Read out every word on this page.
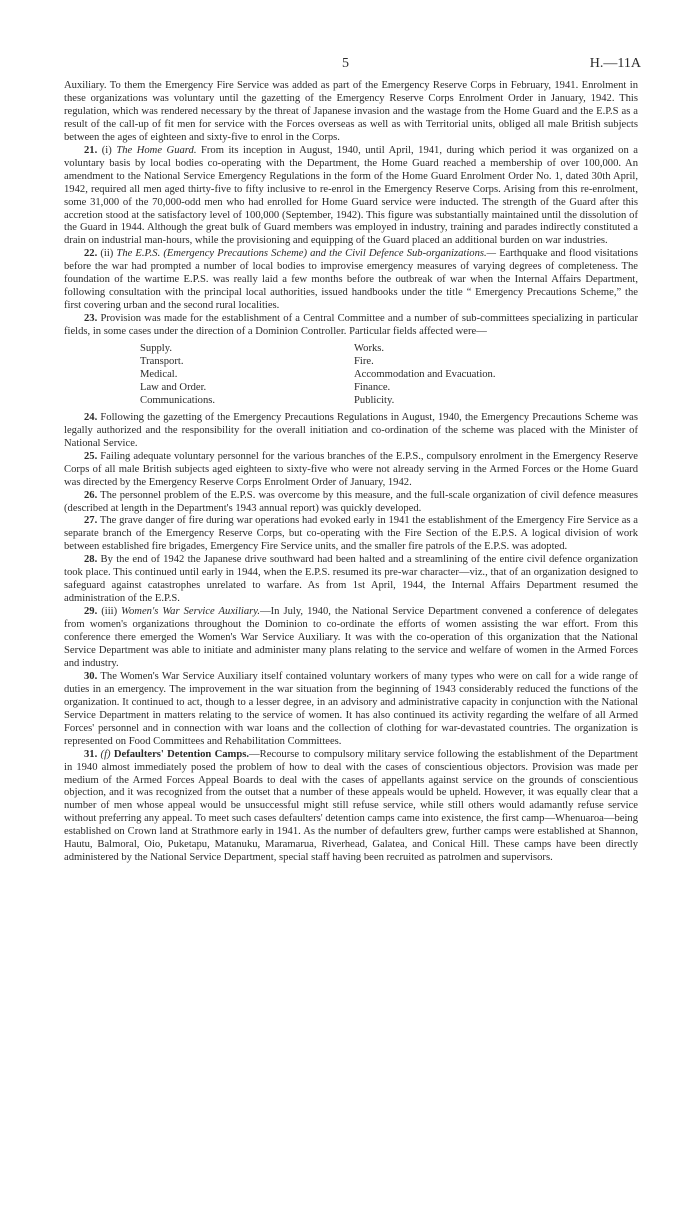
5	H.—11A

Auxiliary. To them the Emergency Fire Service was added as part of the Emergency Reserve Corps in February, 1941. Enrolment in these organizations was voluntary until the gazetting of the Emergency Reserve Corps Enrolment Order in January, 1942. This regulation, which was rendered necessary by the threat of Japanese invasion and the wastage from the Home Guard and the E.P.S as a result of the call-up of fit men for service with the Forces overseas as well as with Territorial units, obliged all male British subjects between the ages of eighteen and sixty-five to enrol in the Corps.

21. (i) The Home Guard. From its inception in August, 1940, until April, 1941, during which period it was organized on a voluntary basis by local bodies co-operating with the Department, the Home Guard reached a membership of over 100,000. An amendment to the National Service Emergency Regulations in the form of the Home Guard Enrolment Order No. 1, dated 30th April, 1942, required all men aged thirty-five to fifty inclusive to re-enrol in the Emergency Reserve Corps. Arising from this re-enrolment, some 31,000 of the 70,000-odd men who had enrolled for Home Guard service were inducted. The strength of the Guard after this accretion stood at the satisfactory level of 100,000 (September, 1942). This figure was substantially maintained until the dissolution of the Guard in 1944. Although the great bulk of Guard members was employed in industry, training and parades indirectly constituted a drain on industrial man-hours, while the provisioning and equipping of the Guard placed an additional burden on war industries.

22. (ii) The E.P.S. (Emergency Precautions Scheme) and the Civil Defence Sub-organizations.— Earthquake and flood visitations before the war had prompted a number of local bodies to improvise emergency measures of varying degrees of completeness. The foundation of the wartime E.P.S. was really laid a few months before the outbreak of war when the Internal Affairs Department, following consultation with the principal local authorities, issued handbooks under the title “ Emergency Precautions Scheme,” the first covering urban and the second rural localities.

23. Provision was made for the establishment of a Central Committee and a number of sub-committees specializing in particular fields, in some cases under the direction of a Dominion Controller. Particular fields affected were—

Supply.	Works.
Transport.	Fire.
Medical.	Accommodation and Evacuation.
Law and Order.	Finance.
Communications.	Publicity.

24. Following the gazetting of the Emergency Precautions Regulations in August, 1940, the Emergency Precautions Scheme was legally authorized and the responsibility for the overall initiation and co-ordination of the scheme was placed with the Minister of National Service.

25. Failing adequate voluntary personnel for the various branches of the E.P.S., compulsory enrolment in the Emergency Reserve Corps of all male British subjects aged eighteen to sixty-five who were not already serving in the Armed Forces or the Home Guard was directed by the Emergency Reserve Corps Enrolment Order of January, 1942.

26. The personnel problem of the E.P.S. was overcome by this measure, and the full-scale organization of civil defence measures (described at length in the Department's 1943 annual report) was quickly developed.

27. The grave danger of fire during war operations had evoked early in 1941 the establishment of the Emergency Fire Service as a separate branch of the Emergency Reserve Corps, but co-operating with the Fire Section of the E.P.S. A logical division of work between established fire brigades, Emergency Fire Service units, and the smaller fire patrols of the E.P.S. was adopted.

28. By the end of 1942 the Japanese drive southward had been halted and a streamlining of the entire civil defence organization took place. This continued until early in 1944, when the E.P.S. resumed its pre-war character—viz., that of an organization designed to safeguard against catastrophes unrelated to warfare. As from 1st April, 1944, the Internal Affairs Department resumed the administration of the E.P.S.

29. (iii) Women's War Service Auxiliary.—In July, 1940, the National Service Department convened a conference of delegates from women's organizations throughout the Dominion to co-ordinate the efforts of women assisting the war effort. From this conference there emerged the Women's War Service Auxiliary. It was with the co-operation of this organization that the National Service Department was able to initiate and administer many plans relating to the service and welfare of women in the Armed Forces and industry.

30. The Women's War Service Auxiliary itself contained voluntary workers of many types who were on call for a wide range of duties in an emergency. The improvement in the war situation from the beginning of 1943 considerably reduced the functions of the organization. It continued to act, though to a lesser degree, in an advisory and administrative capacity in conjunction with the National Service Department in matters relating to the service of women. It has also continued its activity regarding the welfare of all Armed Forces' personnel and in connection with war loans and the collection of clothing for war-devastated countries. The organization is represented on Food Committees and Rehabilitation Committees.

31. (f) Defaulters' Detention Camps.—Recourse to compulsory military service following the establishment of the Department in 1940 almost immediately posed the problem of how to deal with the cases of conscientious objectors. Provision was made per medium of the Armed Forces Appeal Boards to deal with the cases of appellants against service on the grounds of conscientious objection, and it was recognized from the outset that a number of these appeals would be upheld. However, it was equally clear that a number of men whose appeal would be unsuccessful might still refuse service, while still others would adamantly refuse service without preferring any appeal. To meet such cases defaulters' detention camps came into existence, the first camp—Whenuaroa—being established on Crown land at Strathmore early in 1941. As the number of defaulters grew, further camps were established at Shannon, Hautu, Balmoral, Oio, Puketapu, Matanuku, Maramarua, Riverhead, Galatea, and Conical Hill. These camps have been directly administered by the National Service Department, special staff having been recruited as patrolmen and supervisors.
